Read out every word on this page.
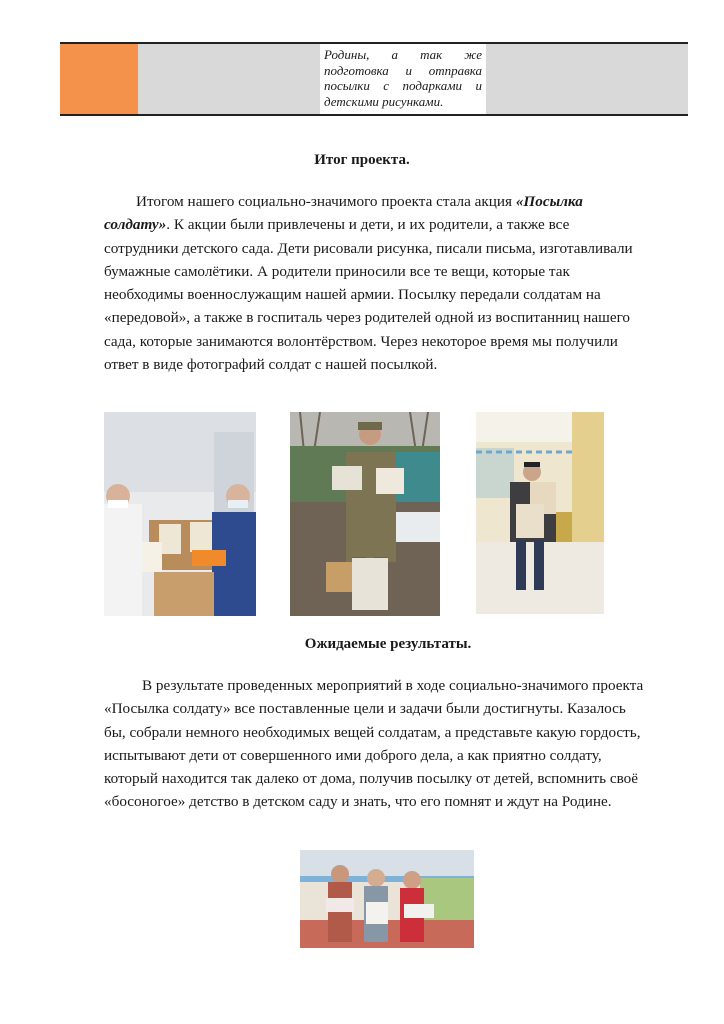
Родины, а так же подготовка и отправка посылки с подарками и детскими рисунками.
Итог проекта.

Итогом нашего социально-значимого проекта стала акция «Посылка солдату». К акции были привлечены и дети, и их родители, а также все сотрудники детского сада. Дети рисовали рисунка, писали письма, изготавливали бумажные самолётики. А родители приносили все те вещи, которые так необходимы военнослужащим нашей армии. Посылку передали солдатам на «передовой», а также в госпиталь через родителей одной из воспитанниц нашего сада, которые занимаются волонтёрством. Через некоторое время мы получили ответ в виде фотографий солдат с нашей посылкой.

Ожидаемые результаты.

В результате проведенных мероприятий в ходе социально-значимого проекта «Посылка солдату» все поставленные цели и задачи были достигнуты. Казалось бы, собрали немного необходимых вещей солдатам, а представьте какую гордость, испытывают дети от совершенного ими доброго дела, а как приятно солдату, который находится так далеко от дома, получив посылку от детей, вспомнить своё «босоногое» детство в детском саду и знать, что его помнят и ждут на Родине.
